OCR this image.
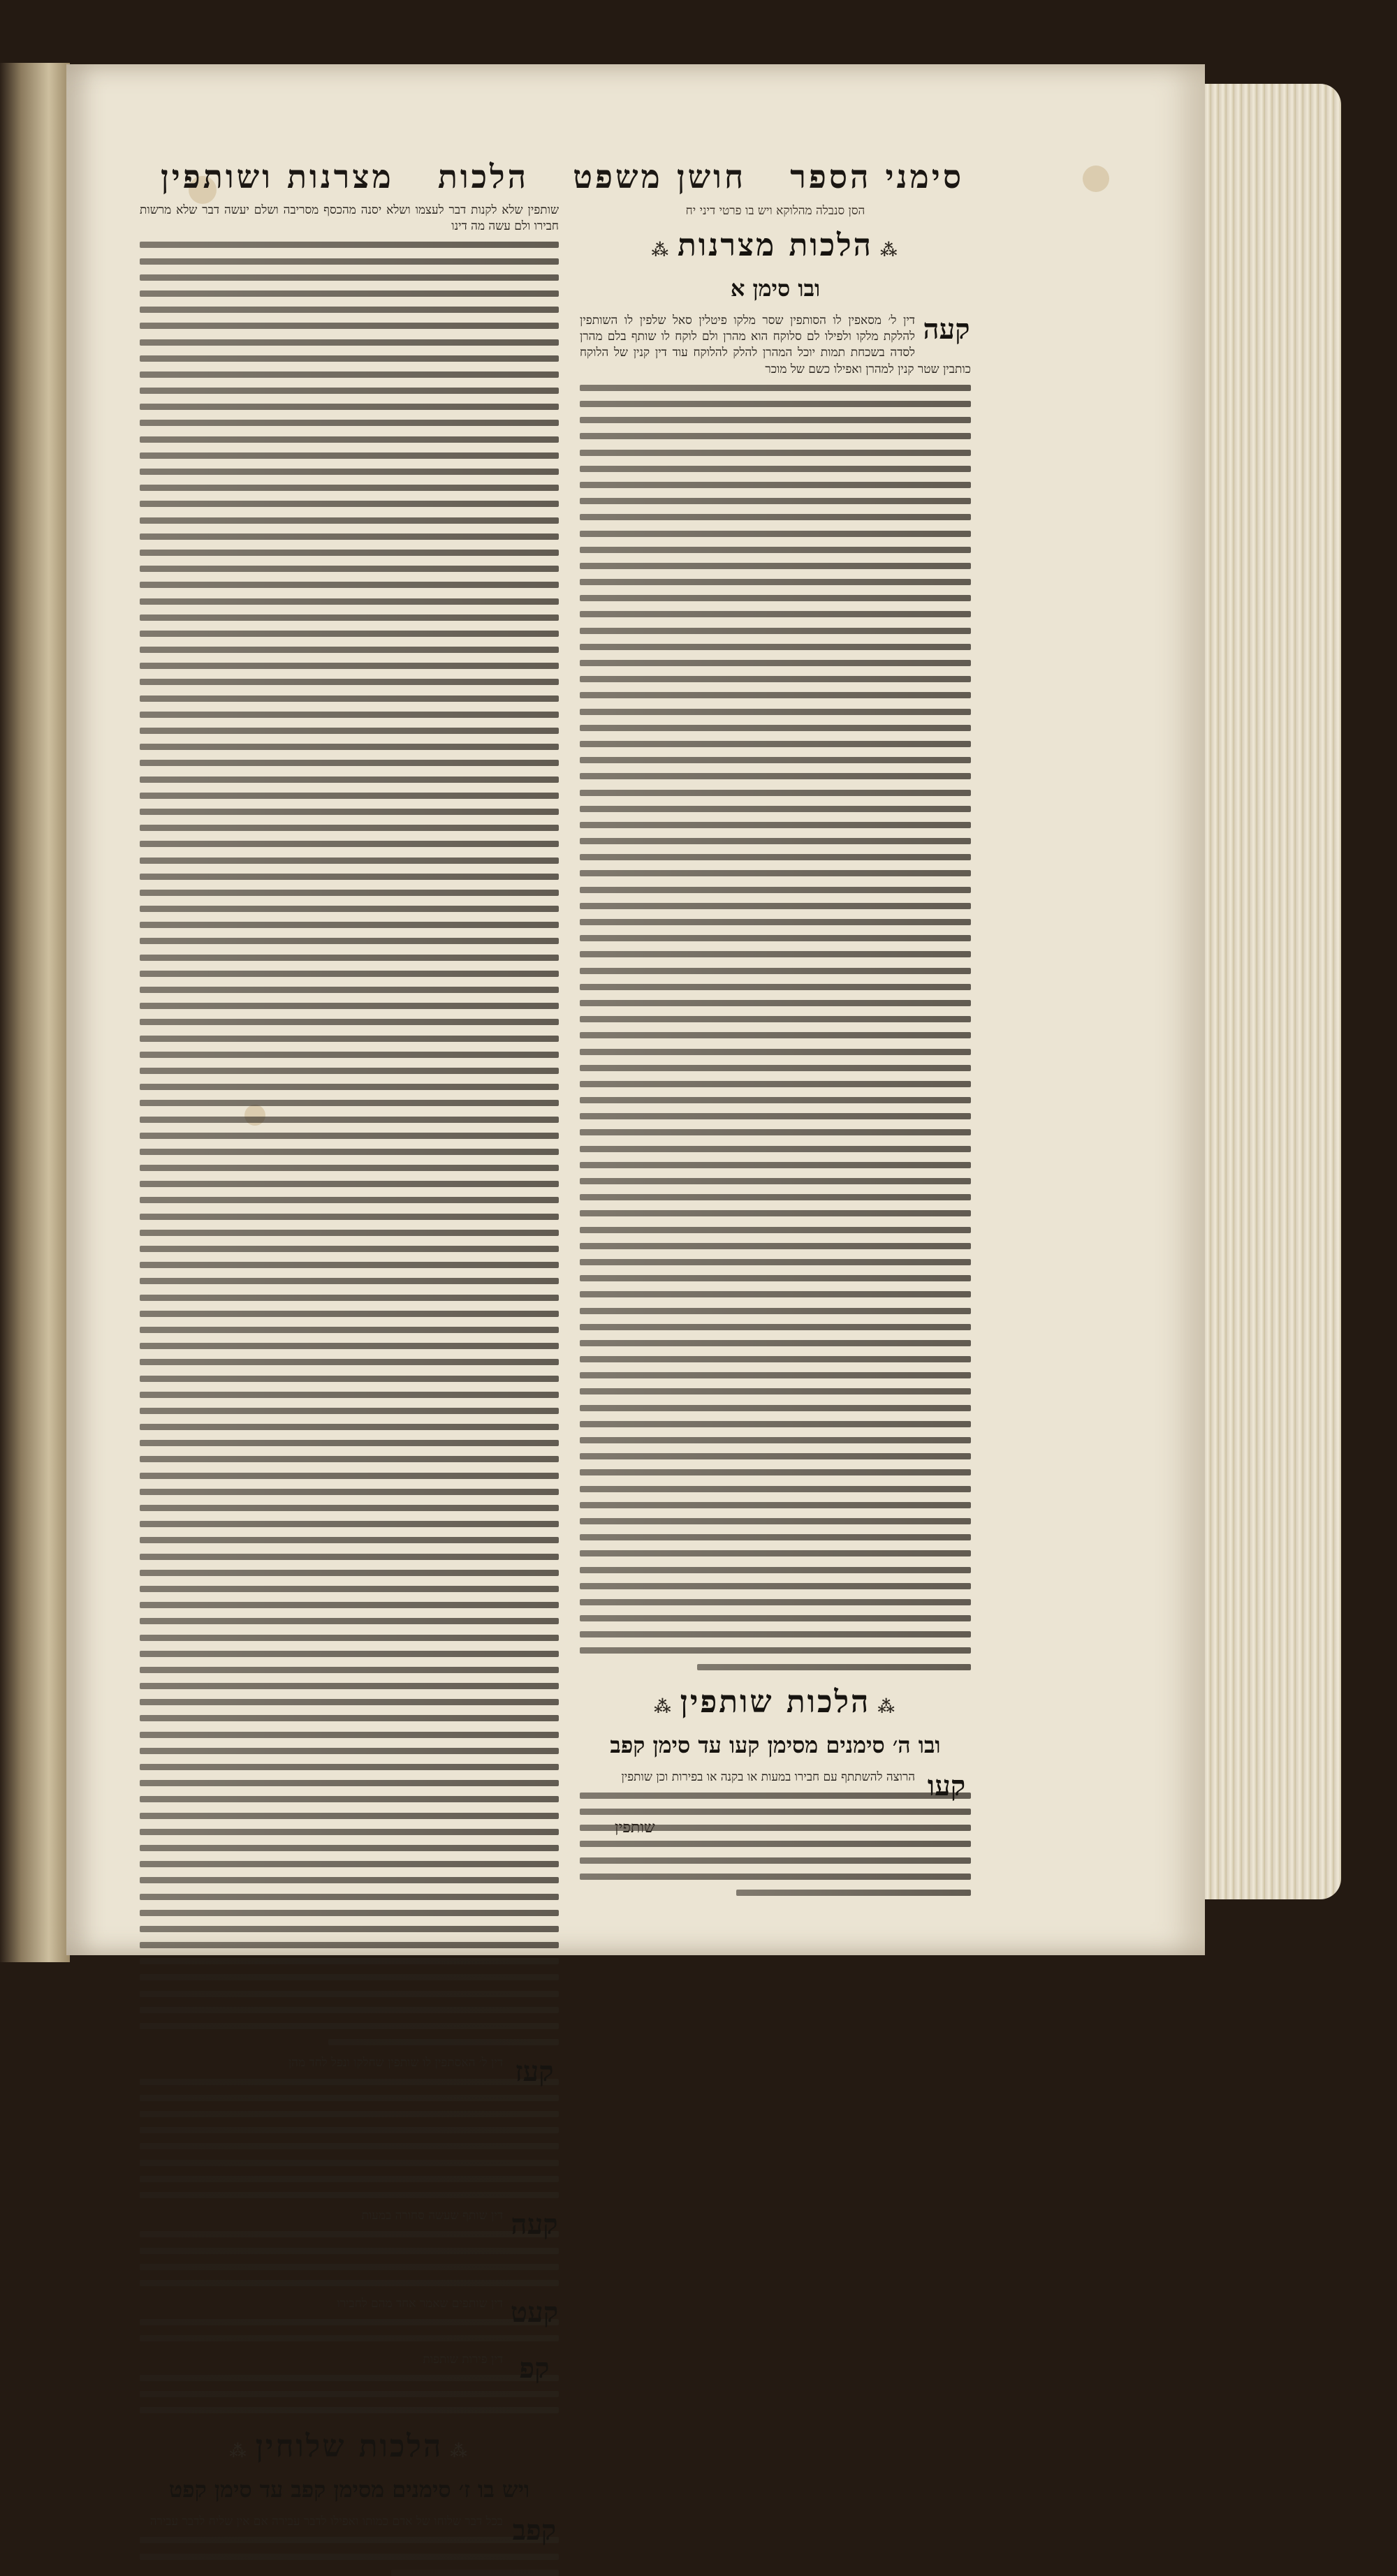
סימני הספר
חושן משפט
הלכות
מצרנות ושותפין
הסן סנבלה מהלוקא ויש בו פרטי דיני יח
⁂הלכות מצרנות⁂
ובו סימן א
קעה
דין ל׳ מסאפין לו הסותפין שסר מלקו פיטלין סאל שלפין לו השותפין להלקת מלקו ולפילו לם סלוקח הוא מהרן ולם לוקח לו שותף בלם מהרן לסדה בשכחת תמות יוכל המהרן להלק להלוקח עוד דין קנין של הלוקח כותבין שטר קנין למהרן ואפילו כשם של מוכר
⁂הלכות שותפין⁂
ובו ה׳ סימנים מסימן קעו עד סימן קפב
קעו
הרוצה להשתתף עם חבירו במעות או בקנה או בפירות וכן שותפין
שותפין
שותפין שלא לקנות דבר לעצמו ושלא יסנה מהכסף מסריבה ושלם יעשה דבר שלא מרשות חבירו ולם עשה מה דינו
קעז
דין ל׳ האסתפין לו שותפין שחלקו ונפל לחד מהן
קעה
דין שותף שעשה סחורה במעות
קעט
דין שותפים שאמר אחד מהם לחבירו
קפ
דין פירות שותפות
⁂הלכות שלוחין⁂
ויש בו ז׳ סימנים מסימן קפב עד סימן קפט
קפב
בכל דבר שלוחו של אדם כמותו ואפילו לדבר עבירה אם אין שליח לדבר עבירה
